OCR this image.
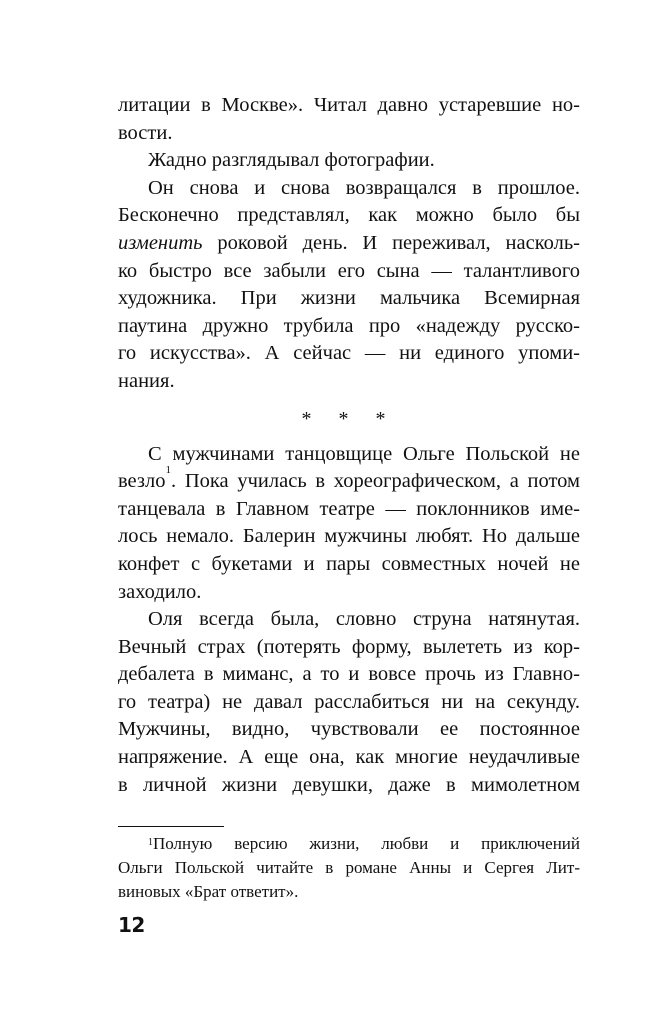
литации в Москве». Читал давно устаревшие но-
вости.
Жадно разглядывал фотографии.
Он снова и снова возвращался в прошлое.
Бесконечно представлял, как можно было бы
изменить роковой день. И переживал, насколь-
ко быстро все забыли его сына — талантливого
художника. При жизни мальчика Всемирная
паутина дружно трубила про «надежду русско-
го искусства». А сейчас — ни единого упоми-
нания.
* * *
С мужчинами танцовщице Ольге Польской не
везло$^1$. Пока училась в хореографическом, а потом
танцевала в Главном театре — поклонников име-
лось немало. Балерин мужчины любят. Но дальше
конфет с букетами и пары совместных ночей не
заходило.
Оля всегда была, словно струна натянутая.
Вечный страх (потерять форму, вылететь из кор-
дебалета в миманс, а то и вовсе прочь из Главно-
го театра) не давал расслабиться ни на секунду.
Мужчины, видно, чувствовали ее постоянное
напряжение. А еще она, как многие неудачливые
в личной жизни девушки, даже в мимолетном
$^1$Полную версию жизни, любви и приключений
Ольги Польской читайте в романе Анны и Сергея Лит-
виновых «Брат ответит».
12
